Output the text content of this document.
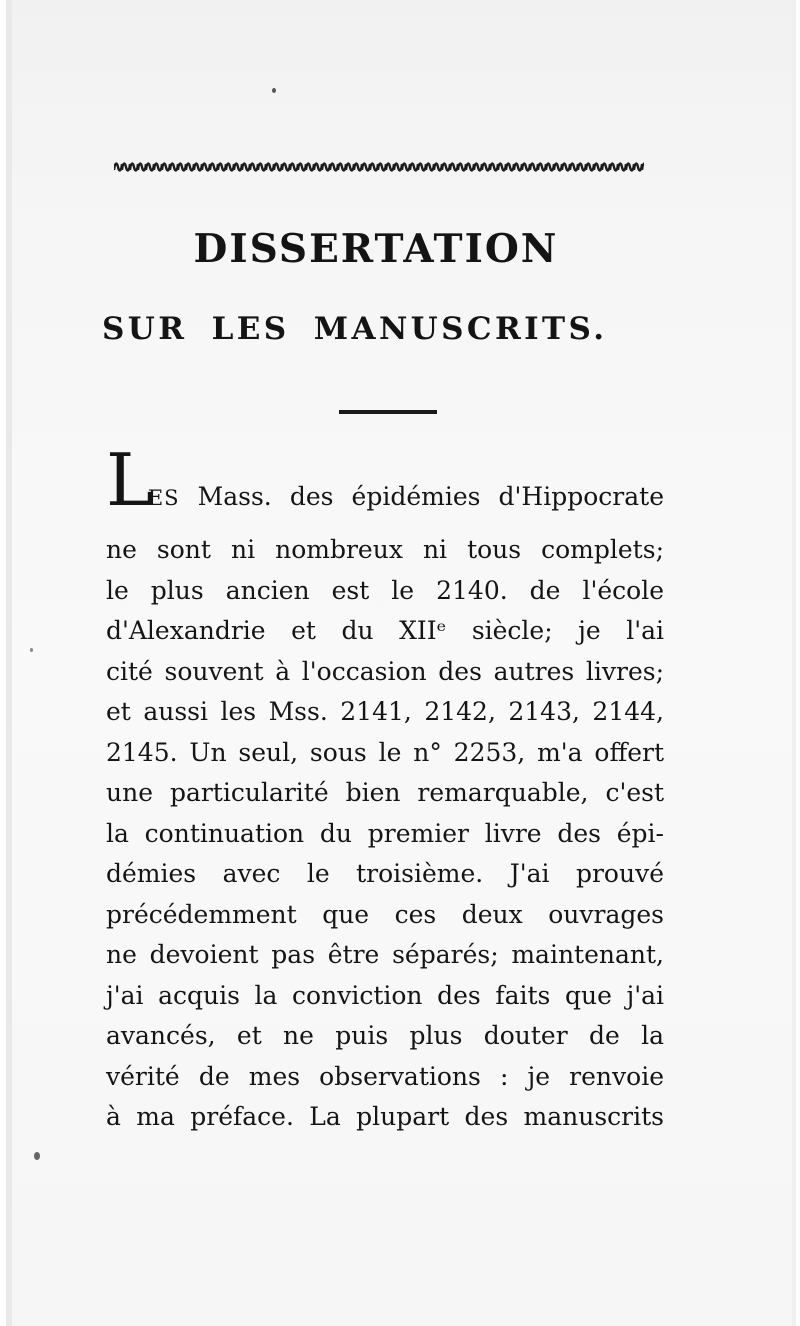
DISSERTATION
SUR LES MANUSCRITS.
LES Mass. des épidémies d'Hippocrate
ne sont ni nombreux ni tous complets;
le plus ancien est le 2140. de l'école
d'Alexandrie et du XIIᵉ siècle; je l'ai
cité souvent à l'occasion des autres livres;
et aussi les Mss. 2141, 2142, 2143, 2144,
2145. Un seul, sous le n° 2253, m'a offert
une particularité bien remarquable, c'est
la continuation du premier livre des épi-
démies avec le troisième. J'ai prouvé
précédemment que ces deux ouvrages
ne devoient pas être séparés; maintenant,
j'ai acquis la conviction des faits que j'ai
avancés, et ne puis plus douter de la
vérité de mes observations : je renvoie
à ma préface. La plupart des manuscrits
